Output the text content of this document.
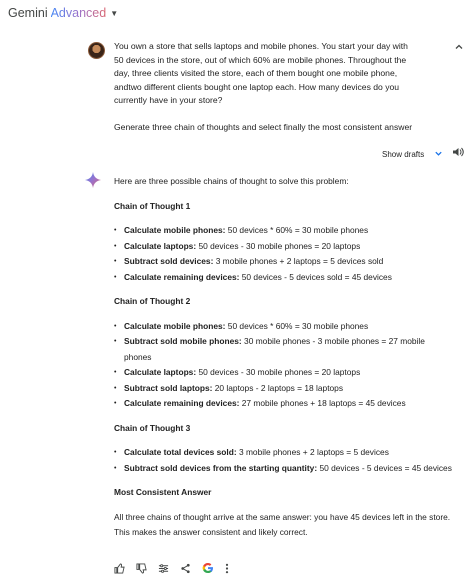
Gemini Advanced ▼

You own a store that sells laptops and mobile phones. You start your day with 50 devices in the store, out of which 60% are mobile phones. Throughout the day, three clients visited the store, each of them bought one mobile phone, andtwo different clients bought one laptop each. How many devices do you currently have in your store?

Generate three chain of thoughts and select finally the most consistent answer

Show drafts

Here are three possible chains of thought to solve this problem:

Chain of Thought 1

• Calculate mobile phones: 50 devices * 60% = 30 mobile phones
• Calculate laptops: 50 devices - 30 mobile phones = 20 laptops
• Subtract sold devices: 3 mobile phones + 2 laptops = 5 devices sold
• Calculate remaining devices: 50 devices - 5 devices sold = 45 devices

Chain of Thought 2

• Calculate mobile phones: 50 devices * 60% = 30 mobile phones
• Subtract sold mobile phones: 30 mobile phones - 3 mobile phones = 27 mobile phones
• Calculate laptops: 50 devices - 30 mobile phones = 20 laptops
• Subtract sold laptops: 20 laptops - 2 laptops = 18 laptops
• Calculate remaining devices: 27 mobile phones + 18 laptops = 45 devices

Chain of Thought 3

• Calculate total devices sold: 3 mobile phones + 2 laptops = 5 devices
• Subtract sold devices from the starting quantity: 50 devices - 5 devices = 45 devices

Most Consistent Answer

All three chains of thought arrive at the same answer: you have 45 devices left in the store. This makes the answer consistent and likely correct.
